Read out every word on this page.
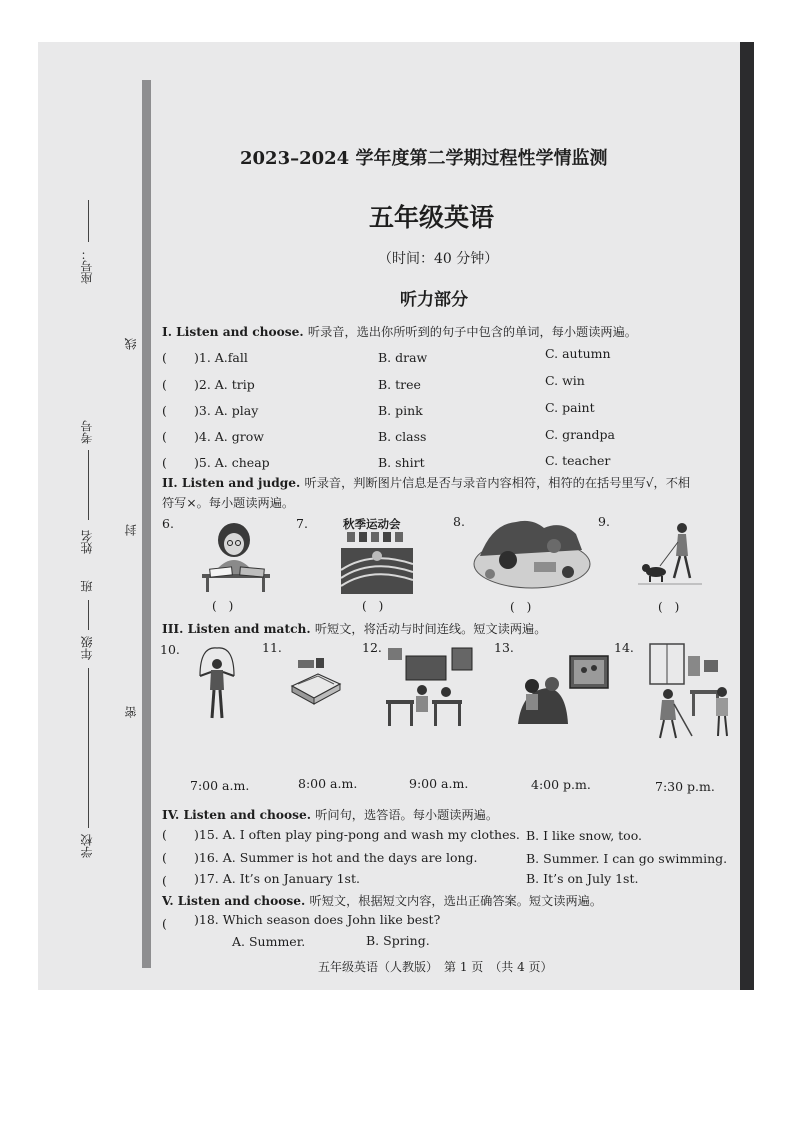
座号：
考号
姓名
班
年级
学校
线
封
密
2023–2024 学年度第二学期过程性学情监测
五年级英语
（时间：40 分钟）
听力部分
I. Listen and choose. 听录音，选出你所听到的句子中包含的单词，每小题读两遍。
( )1. A.fall	B. draw	C. autumn
( )2. A. trip	B. tree	C. win
( )3. A. play	B. pink	C. paint
( )4. A. grow	B. class	C. grandpa
( )5. A. cheap	B. shirt	C. teacher
II. Listen and judge. 听录音，判断图片信息是否与录音内容相符，相符的在括号里写√，不相
符写×。每小题读两遍。
6.	7.	8.	9.
秋季运动会
(　)	(　)	(　)	(　)
III. Listen and match. 听短文，将活动与时间连线。短文读两遍。
10.	11.	12.	13.	14.
7:00 a.m.	8:00 a.m.	9:00 a.m.	4:00 p.m.	7:30 p.m.
IV. Listen and choose. 听问句，选答语。每小题读两遍。
( )15. A. I often play ping-pong and wash my clothes. B. I like snow, too.
( )16. A. Summer is hot and the days are long.	B. Summer. I can go swimming.
( )17. A. It’s on January 1st.	B. It’s on July 1st.
V. Listen and choose. 听短文，根据短文内容，选出正确答案。短文读两遍。
( )18. Which season does John like best?
A. Summer.	B. Spring.
五年级英语（人教版）　第 1 页　（共 4 页）
